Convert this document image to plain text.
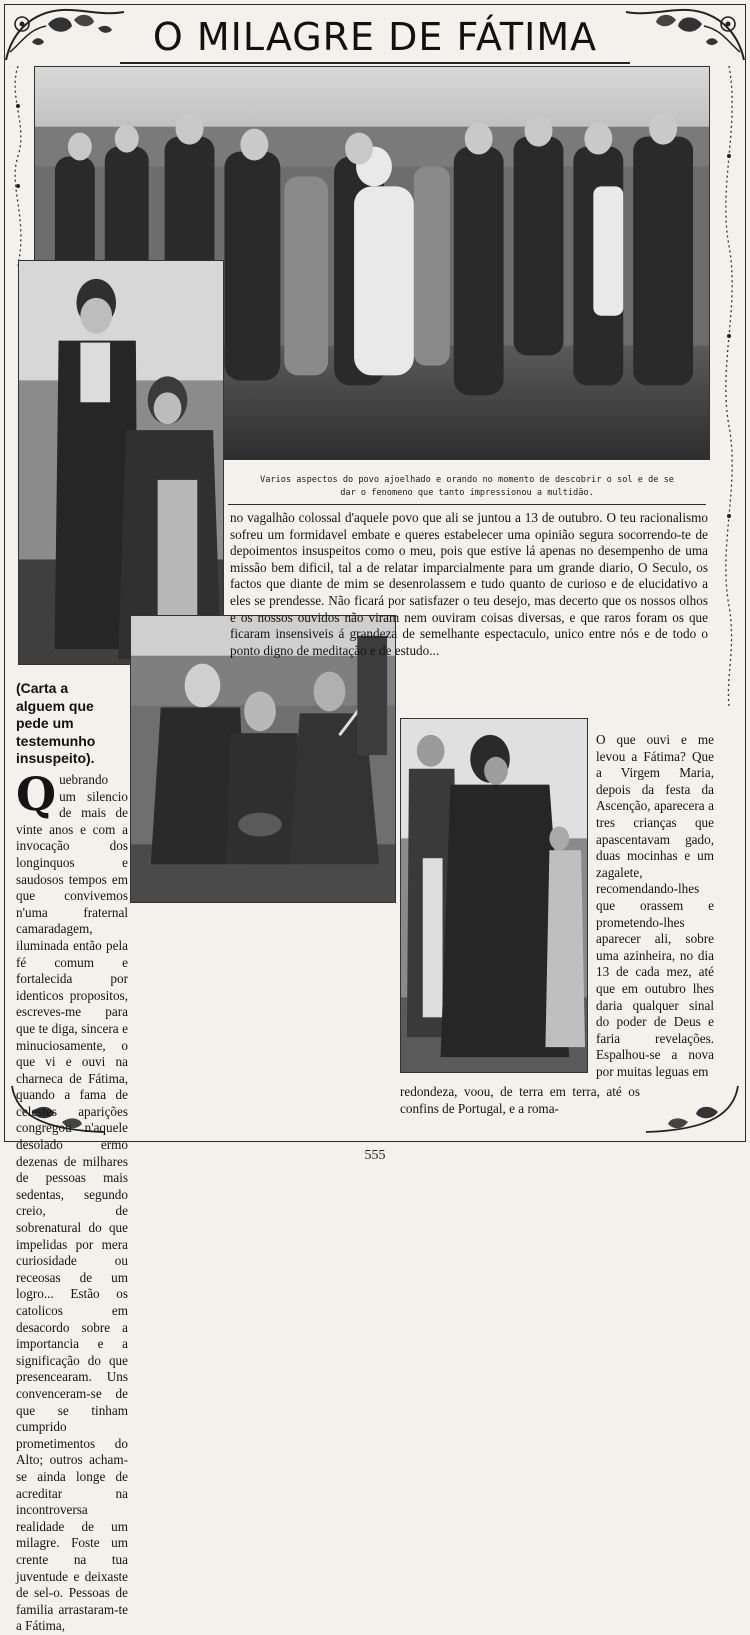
O MILAGRE DE FÁTIMA
Varios aspectos do povo ajoelhado e orando no momento de descobrir o sol e de se
dar o fenomeno que tanto impressionou a multidão.

no vagalhão colossal d'aquele povo que ali se juntou a 13 de outubro. O teu racionalismo sofreu um formidavel embate e queres estabelecer uma opinião segura socorrendo-te de depoimentos insuspeitos como o meu, pois que estive lá apenas no desempenho de uma missão bem dificil, tal a de relatar imparcialmente para um grande diario, O Seculo, os factos que diante de mim se desenrolassem e tudo quanto de curioso e de elucidativo a eles se prendesse. Não ficará por satisfazer o teu desejo, mas decerto que os nossos olhos e os nossos ouvidos não viram nem ouviram coisas diversas, e que raros foram os que ficaram insensiveis á grandeza de semelhante espectaculo, unico entre nós e de todo o ponto digno de meditação e de estudo...

(Carta a alguem que pede um testemunho insuspeito).
Q uebrando um silencio de mais de vinte anos e com a invocação dos longinquos e saudosos tempos em que convivemos n'uma fraternal camaradagem, iluminada então pela fé comum e fortalecida por identicos propositos, escreves-me para que te diga, sincera e minuciosamente, o que vi e ouvi na charneca de Fátima, quando a fama de celestes aparições congregou n'aquele desolado ermo dezenas de milhares de pessoas mais sedentas, segundo creio, de sobrenatural do que impelidas por mera curiosidade ou receosas de um logro... Estão os catolicos em desacordo sobre a importancia e a significação do que presencearam. Uns convenceram-se de que se tinham cumprido prometimentos do Alto; outros acham-se ainda longe de acreditar na incontroversa realidade de um milagre. Foste um crente na tua juventude e deixaste de sel-o. Pessoas de familia arrastaram-te a Fátima,

O que ouvi e me levou a Fátima? Que a Virgem Maria, depois da festa da Ascenção, aparecera a tres crianças que apascentavam gado, duas mocinhas e um zagalete, recomendando-lhes que orassem e prometendo-lhes aparecer ali, sobre uma azinheira, no dia 13 de cada mez, até que em outubro lhes daria qualquer sinal do poder de Deus e faria revelações. Espalhou-se a nova por muitas leguas em

redondeza, voou, de terra em terra, até os confins de Portugal, e a roma-

555
